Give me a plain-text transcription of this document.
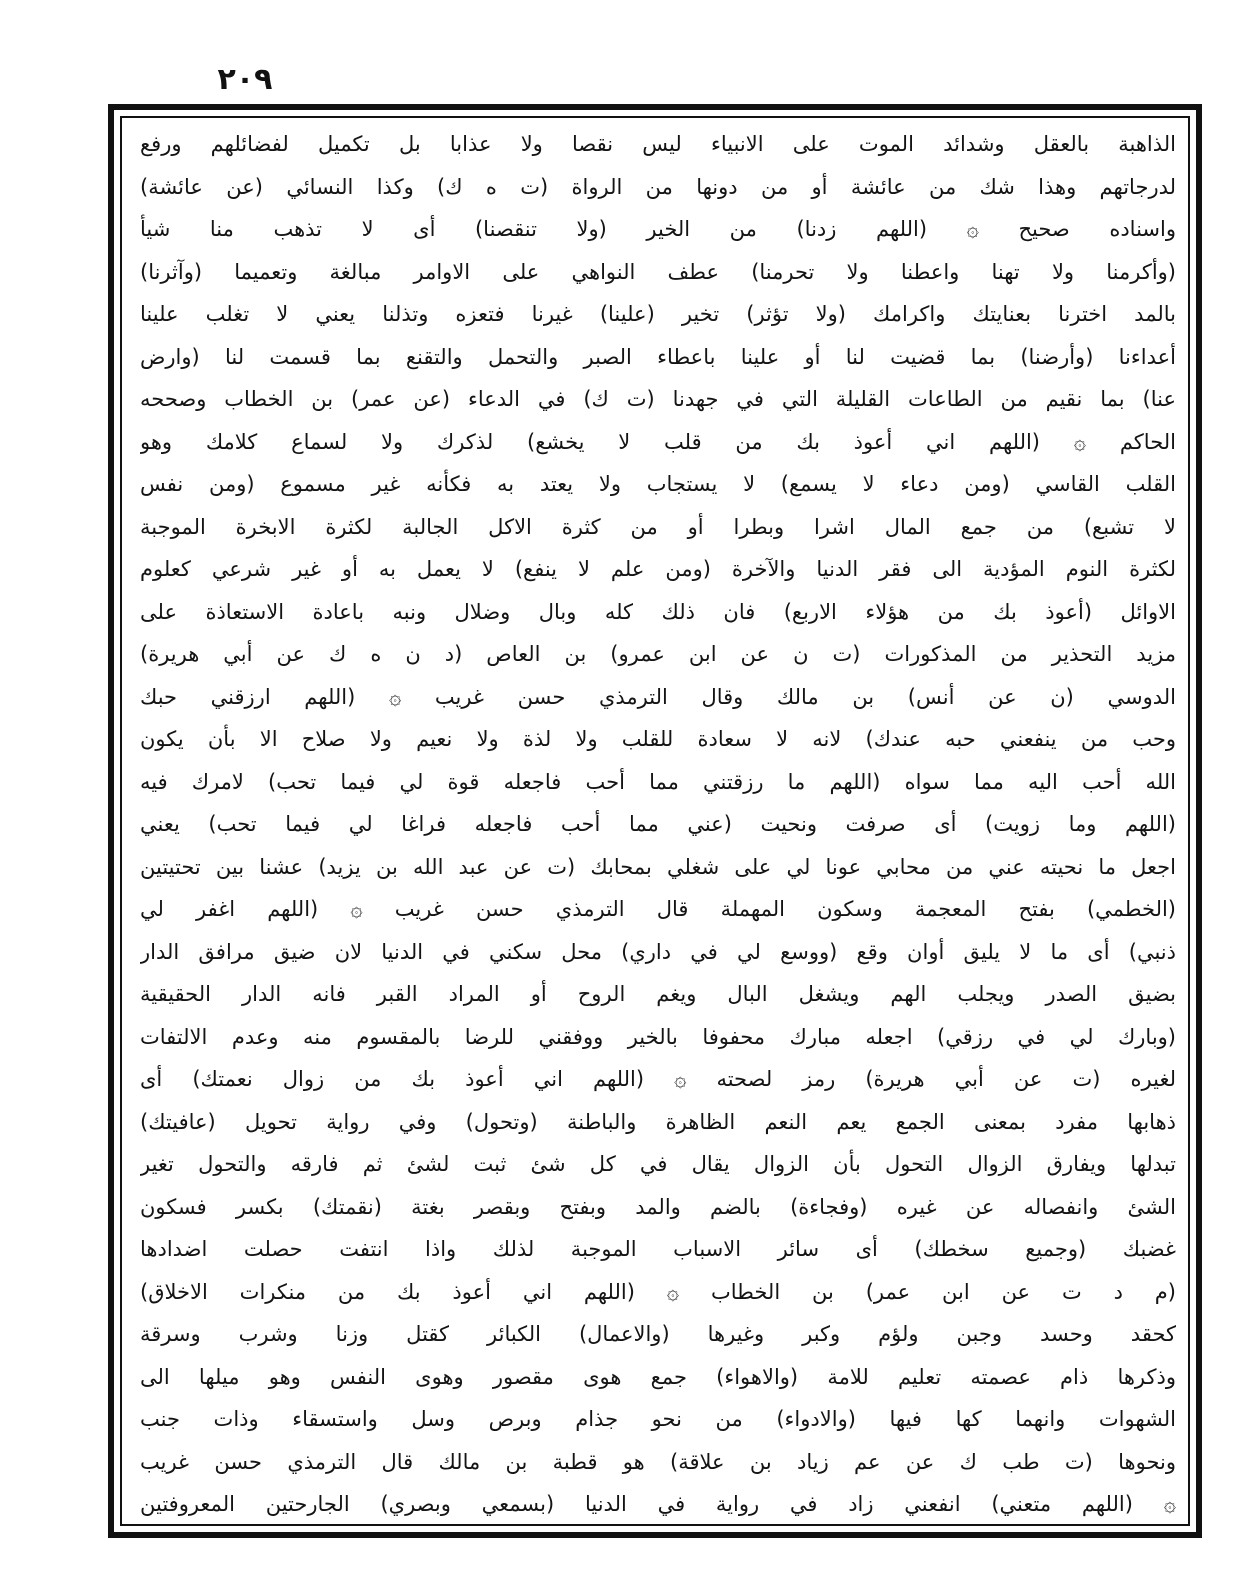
٢٠٩
الذاهبة بالعقل وشدائد الموت على الانبياء ليس نقصا ولا عذابا بل تكميل لفضائلهم ورفع
لدرجاتهم وهذا شك من عائشة أو من دونها من الرواة (ت ه ك) وكذا النسائي (عن عائشة)
واسناده صحيح ۞ (اللهم زدنا) من الخير (ولا تنقصنا) أى لا تذهب منا شيأ
(وأكرمنا ولا تهنا واعطنا ولا تحرمنا) عطف النواهي على الاوامر مبالغة وتعميما (وآثرنا)
بالمد اخترنا بعنايتك واكرامك (ولا تؤثر) تخير (علينا) غيرنا فتعزه وتذلنا يعني لا تغلب علينا
أعداءنا (وأرضنا) بما قضيت لنا أو علينا باعطاء الصبر والتحمل والتقنع بما قسمت لنا (وارض
عنا) بما نقيم من الطاعات القليلة التي في جهدنا (ت ك) في الدعاء (عن عمر) بن الخطاب وصححه
الحاكم ۞ (اللهم اني أعوذ بك من قلب لا يخشع) لذكرك ولا لسماع كلامك وهو
القلب القاسي (ومن دعاء لا يسمع) لا يستجاب ولا يعتد به فكأنه غير مسموع (ومن نفس
لا تشبع) من جمع المال اشرا وبطرا أو من كثرة الاكل الجالبة لكثرة الابخرة الموجبة
لكثرة النوم المؤدية الى فقر الدنيا والآخرة (ومن علم لا ينفع) لا يعمل به أو غير شرعي كعلوم
الاوائل (أعوذ بك من هؤلاء الاربع) فان ذلك كله وبال وضلال ونبه باعادة الاستعاذة على
مزيد التحذير من المذكورات (ت ن عن ابن عمرو) بن العاص (د ن ه ك عن أبي هريرة)
الدوسي (ن عن أنس) بن مالك وقال الترمذي حسن غريب ۞ (اللهم ارزقني حبك
وحب من ينفعني حبه عندك) لانه لا سعادة للقلب ولا لذة ولا نعيم ولا صلاح الا بأن يكون
الله أحب اليه مما سواه (اللهم ما رزقتني مما أحب فاجعله قوة لي فيما تحب) لامرك فيه
(اللهم وما زويت) أى صرفت ونحيت (عني مما أحب فاجعله فراغا لي فيما تحب) يعني
اجعل ما نحيته عني من محابي عونا لي على شغلي بمحابك (ت عن عبد الله بن يزيد) عشنا بين تحتيتين
(الخطمي) بفتح المعجمة وسكون المهملة قال الترمذي حسن غريب ۞ (اللهم اغفر لي
ذنبي) أى ما لا يليق أوان وقع (ووسع لي في داري) محل سكني في الدنيا لان ضيق مرافق الدار
بضيق الصدر ويجلب الهم ويشغل البال ويغم الروح أو المراد القبر فانه الدار الحقيقية
(وبارك لي في رزقي) اجعله مبارك محفوفا بالخير ووفقني للرضا بالمقسوم منه وعدم الالتفات
لغيره (ت عن أبي هريرة) رمز لصحته ۞ (اللهم اني أعوذ بك من زوال نعمتك) أى
ذهابها مفرد بمعنى الجمع يعم النعم الظاهرة والباطنة (وتحول) وفي رواية تحويل (عافيتك)
تبدلها ويفارق الزوال التحول بأن الزوال يقال في كل شئ ثبت لشئ ثم فارقه والتحول تغير
الشئ وانفصاله عن غيره (وفجاءة) بالضم والمد وبفتح وبقصر بغتة (نقمتك) بكسر فسكون
غضبك (وجميع سخطك) أى سائر الاسباب الموجبة لذلك واذا انتفت حصلت اضدادها
(م د ت عن ابن عمر) بن الخطاب ۞ (اللهم اني أعوذ بك من منكرات الاخلاق)
كحقد وحسد وجبن ولؤم وكبر وغيرها (والاعمال) الكبائر كقتل وزنا وشرب وسرقة
وذكرها ذام عصمته تعليم للامة (والاهواء) جمع هوى مقصور وهوى النفس وهو ميلها الى
الشهوات وانهما كها فيها (والادواء) من نحو جذام وبرص وسل واستسقاء وذات جنب
ونحوها (ت طب ك عن عم زياد بن علاقة) هو قطبة بن مالك قال الترمذي حسن غريب
۞ (اللهم متعني) انفعني زاد في رواية في الدنيا (بسمعي وبصري) الجارحتين المعروفتين
